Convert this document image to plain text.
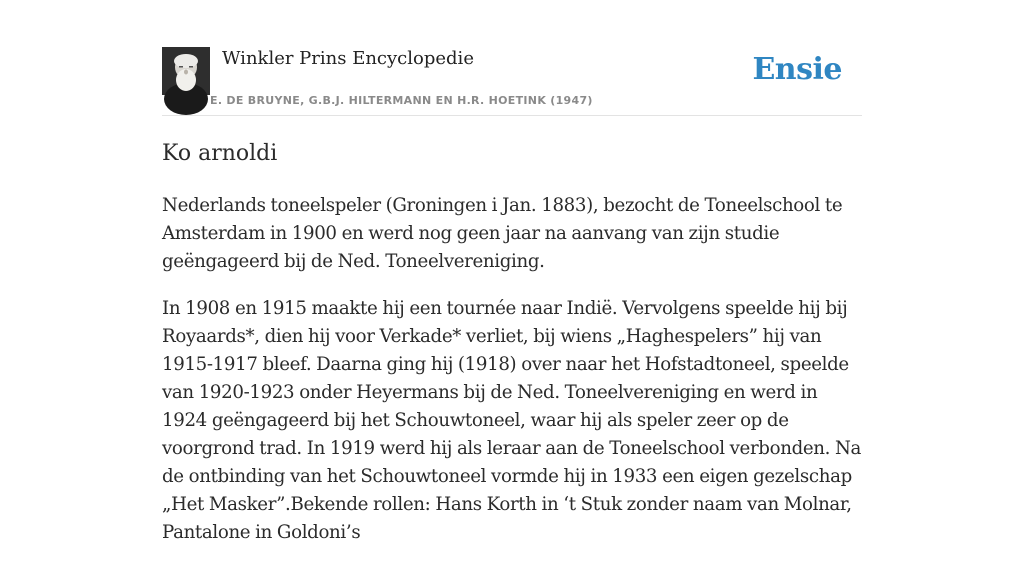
Winkler Prins Encyclopedie
E. DE BRUYNE, G.B.J. HILTERMANN EN H.R. HOETINK (1947)
Ensie
Ko arnoldi

Nederlands toneelspeler (Groningen i Jan. 1883), bezocht de Toneelschool te Amsterdam in 1900 en werd nog geen jaar na aanvang van zijn studie geëngageerd bij de Ned. Toneelvereniging.

In 1908 en 1915 maakte hij een tournée naar Indië. Vervolgens speelde hij bij Royaards*, dien hij voor Verkade* verliet, bij wiens „Haghespelers” hij van 1915-1917 bleef. Daarna ging hij (1918) over naar het Hofstadtoneel, speelde van 1920-1923 onder Heyermans bij de Ned. Toneelvereniging en werd in 1924 geëngageerd bij het Schouwtoneel, waar hij als speler zeer op de voorgrond trad. In 1919 werd hij als leraar aan de Toneelschool verbonden. Na de ontbinding van het Schouwtoneel vormde hij in 1933 een eigen gezelschap „Het Masker”.Bekende rollen: Hans Korth in ‘t Stuk zonder naam van Molnar, Pantalone in Goldoni’s
